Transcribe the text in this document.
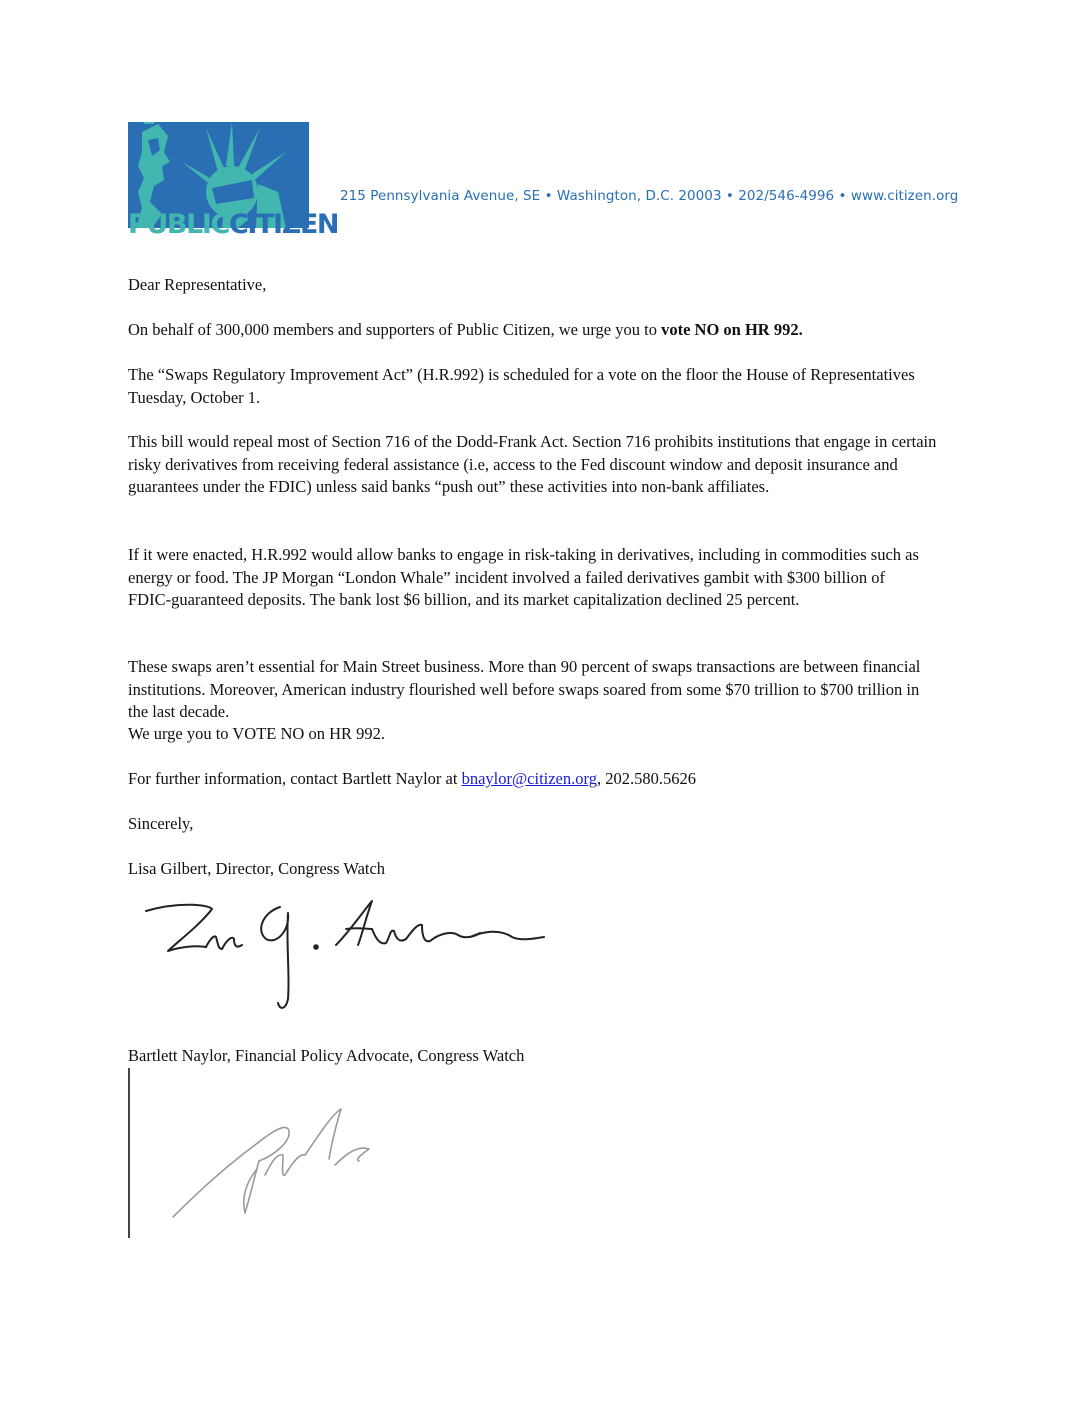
PUBLICCITIZEN
215 Pennsylvania Avenue, SE • Washington, D.C. 20003 • 202/546-4996 • www.citizen.org

Dear Representative,

On behalf of 300,000 members and supporters of Public Citizen, we urge you to vote NO on HR 992.

The “Swaps Regulatory Improvement Act” (H.R.992) is scheduled for a vote on the floor the House of Representatives Tuesday, October 1.

This bill would repeal most of Section 716 of the Dodd-Frank Act. Section 716 prohibits institutions that engage in certain risky derivatives from receiving federal assistance (i.e, access to the Fed discount window and deposit insurance and guarantees under the FDIC) unless said banks “push out” these activities into non-bank affiliates.

If it were enacted, H.R.992 would allow banks to engage in risk-taking in derivatives, including in commodities such as energy or food. The JP Morgan “London Whale” incident involved a failed derivatives gambit with $300 billion of FDIC-guaranteed deposits. The bank lost $6 billion, and its market capitalization declined 25 percent.

These swaps aren’t essential for Main Street business. More than 90 percent of swaps transactions are between financial institutions. Moreover, American industry flourished well before swaps soared from some $70 trillion to $700 trillion in the last decade.

We urge you to VOTE NO on HR 992.

For further information, contact Bartlett Naylor at bnaylor@citizen.org, 202.580.5626

Sincerely,

Lisa Gilbert, Director, Congress Watch

Bartlett Naylor, Financial Policy Advocate, Congress Watch
